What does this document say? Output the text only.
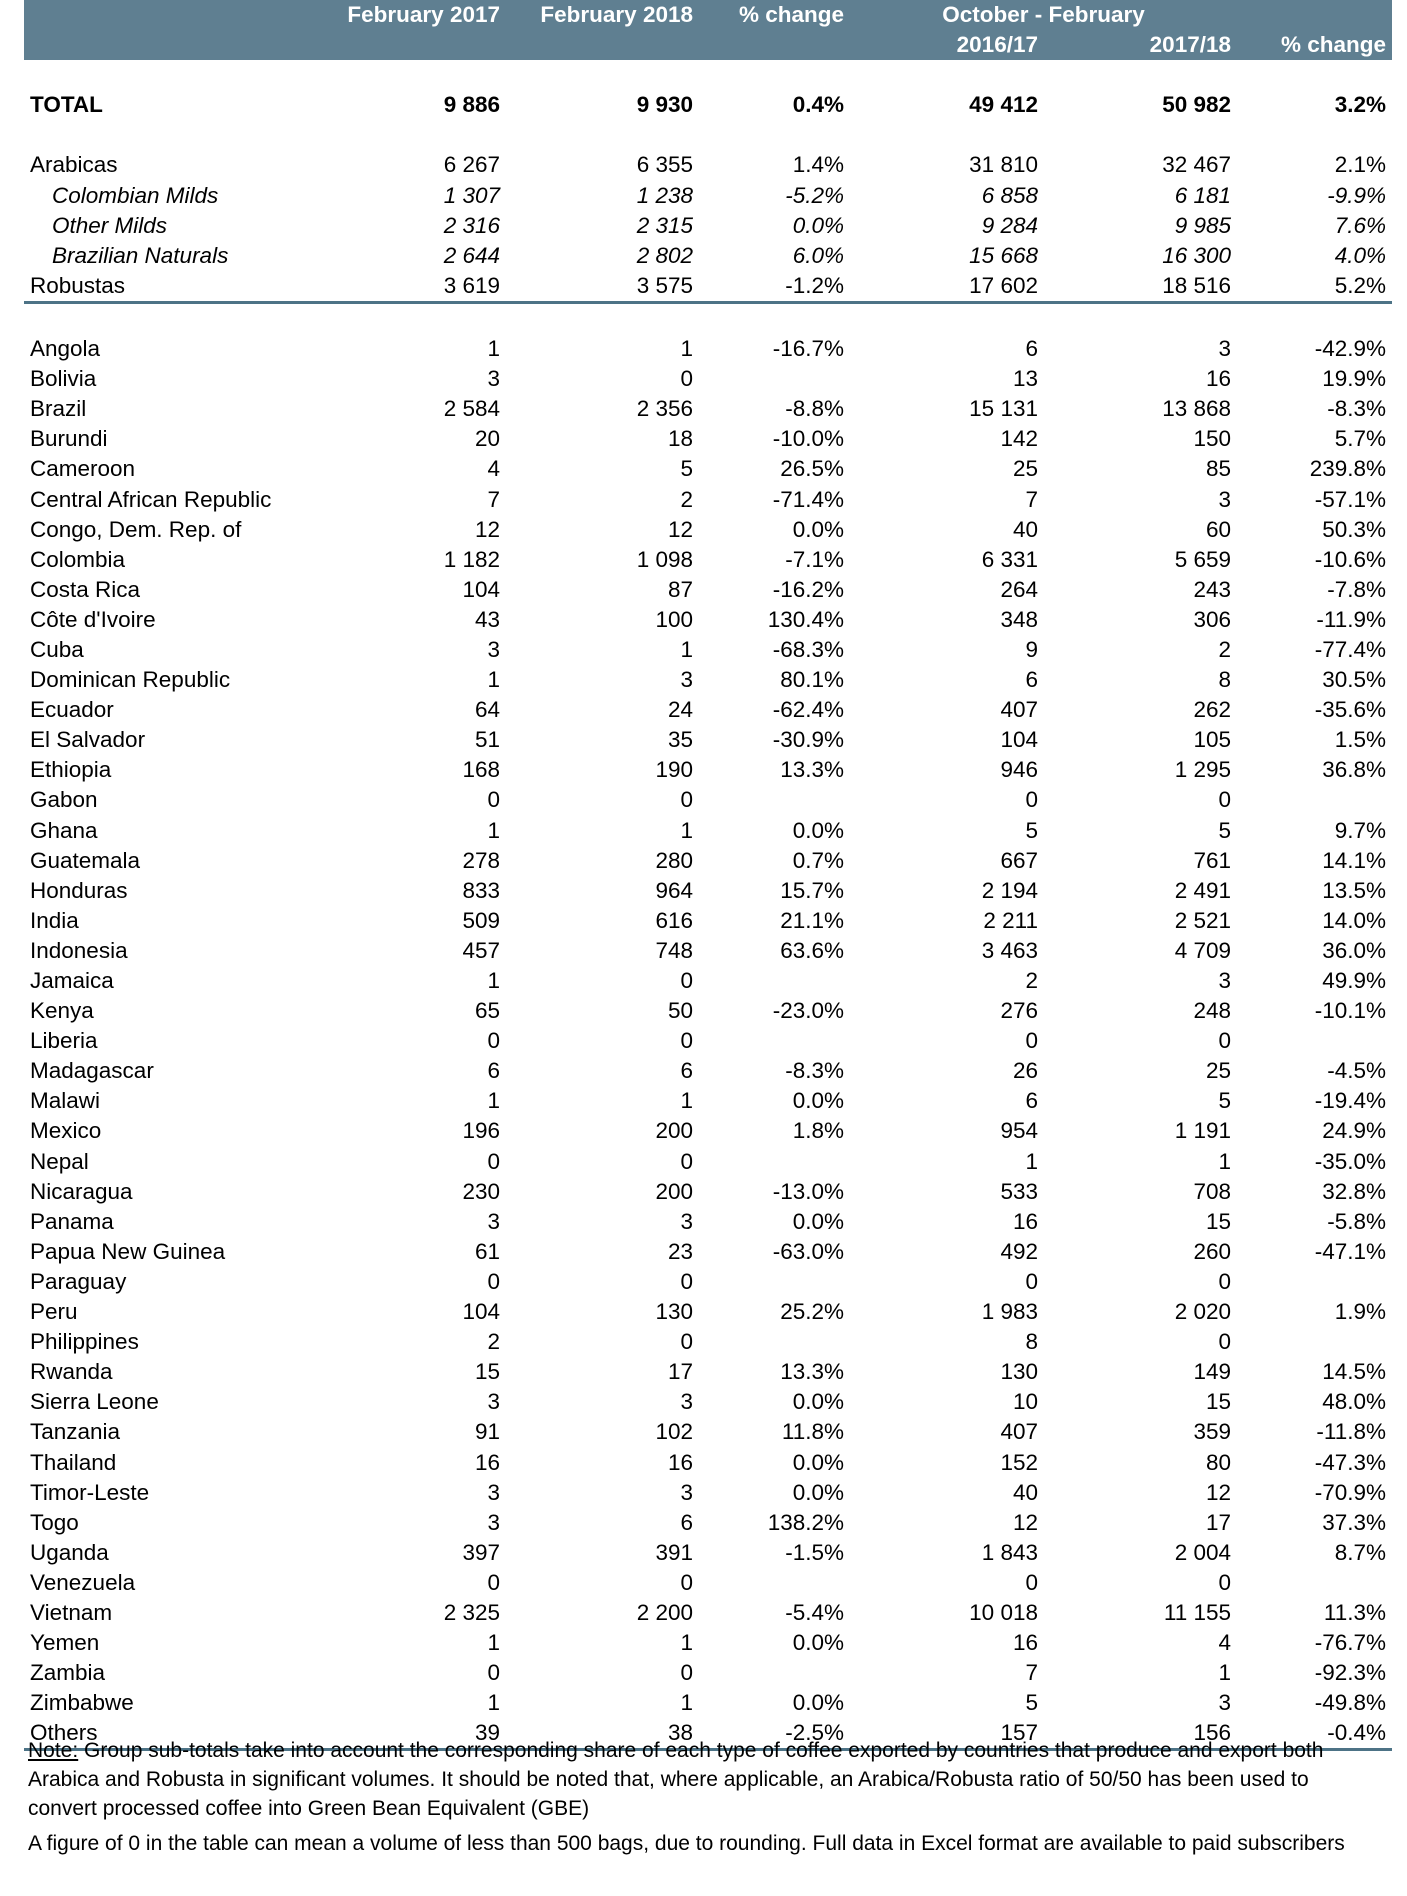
	February 2017	February 2018	% change	October - February		
				2016/17	2017/18	% change

TOTAL	9 886	9 930	0.4%	49 412	50 982	3.2%

Arabicas	6 267	6 355	1.4%	31 810	32 467	2.1%
Colombian Milds	1 307	1 238	-5.2%	6 858	6 181	-9.9%
Other Milds	2 316	2 315	0.0%	9 284	9 985	7.6%
Brazilian Naturals	2 644	2 802	6.0%	15 668	16 300	4.0%
Robustas	3 619	3 575	-1.2%	17 602	18 516	5.2%

Angola	1	1	-16.7%	6	3	-42.9%
Bolivia	3	0		13	16	19.9%
Brazil	2 584	2 356	-8.8%	15 131	13 868	-8.3%
Burundi	20	18	-10.0%	142	150	5.7%
Cameroon	4	5	26.5%	25	85	239.8%
Central African Republic	7	2	-71.4%	7	3	-57.1%
Congo, Dem. Rep. of	12	12	0.0%	40	60	50.3%
Colombia	1 182	1 098	-7.1%	6 331	5 659	-10.6%
Costa Rica	104	87	-16.2%	264	243	-7.8%
Côte d'Ivoire	43	100	130.4%	348	306	-11.9%
Cuba	3	1	-68.3%	9	2	-77.4%
Dominican Republic	1	3	80.1%	6	8	30.5%
Ecuador	64	24	-62.4%	407	262	-35.6%
El Salvador	51	35	-30.9%	104	105	1.5%
Ethiopia	168	190	13.3%	946	1 295	36.8%
Gabon	0	0		0	0	
Ghana	1	1	0.0%	5	5	9.7%
Guatemala	278	280	0.7%	667	761	14.1%
Honduras	833	964	15.7%	2 194	2 491	13.5%
India	509	616	21.1%	2 211	2 521	14.0%
Indonesia	457	748	63.6%	3 463	4 709	36.0%
Jamaica	1	0		2	3	49.9%
Kenya	65	50	-23.0%	276	248	-10.1%
Liberia	0	0		0	0	
Madagascar	6	6	-8.3%	26	25	-4.5%
Malawi	1	1	0.0%	6	5	-19.4%
Mexico	196	200	1.8%	954	1 191	24.9%
Nepal	0	0		1	1	-35.0%
Nicaragua	230	200	-13.0%	533	708	32.8%
Panama	3	3	0.0%	16	15	-5.8%
Papua New Guinea	61	23	-63.0%	492	260	-47.1%
Paraguay	0	0		0	0	
Peru	104	130	25.2%	1 983	2 020	1.9%
Philippines	2	0		8	0	
Rwanda	15	17	13.3%	130	149	14.5%
Sierra Leone	3	3	0.0%	10	15	48.0%
Tanzania	91	102	11.8%	407	359	-11.8%
Thailand	16	16	0.0%	152	80	-47.3%
Timor-Leste	3	3	0.0%	40	12	-70.9%
Togo	3	6	138.2%	12	17	37.3%
Uganda	397	391	-1.5%	1 843	2 004	8.7%
Venezuela	0	0		0	0	
Vietnam	2 325	2 200	-5.4%	10 018	11 155	11.3%
Yemen	1	1	0.0%	16	4	-76.7%
Zambia	0	0		7	1	-92.3%
Zimbabwe	1	1	0.0%	5	3	-49.8%
Others	39	38	-2.5%	157	156	-0.4%

Note: Group sub-totals take into account the corresponding share of each type of coffee exported by countries that produce and export both Arabica and Robusta in significant volumes. It should be noted that, where applicable, an Arabica/Robusta ratio of 50/50 has been used to convert processed coffee into Green Bean Equivalent (GBE)

A figure of 0 in the table can mean a volume of less than 500 bags, due to rounding. Full data in Excel format are available to paid subscribers
